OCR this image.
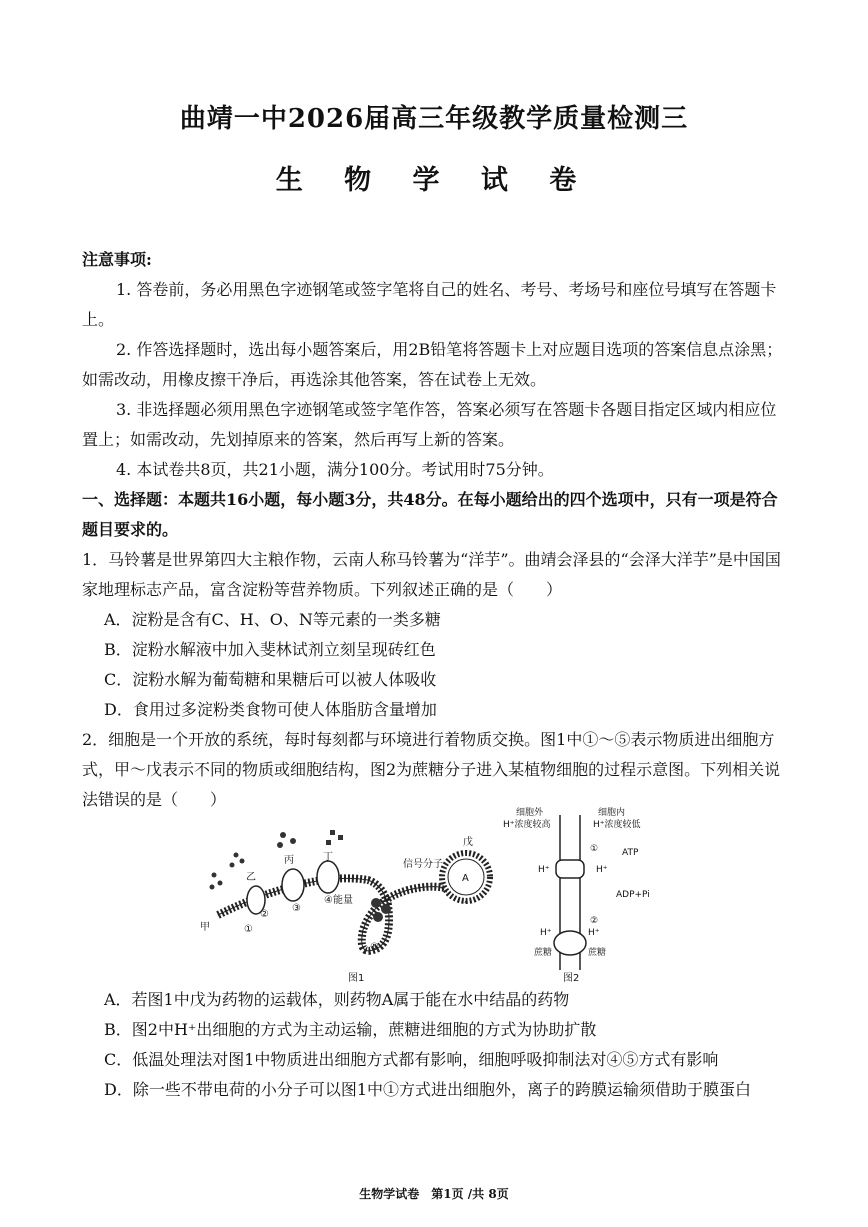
曲靖一中2026届高三年级教学质量检测三
生 物 学 试 卷

注意事项:

1. 答卷前，务必用黑色字迹钢笔或签字笔将自己的姓名、考号、考场号和座位号填写在答题卡上。

2. 作答选择题时，选出每小题答案后，用2B铅笔将答题卡上对应题目选项的答案信息点涂黑；如需改动，用橡皮擦干净后，再选涂其他答案，答在试卷上无效。

3. 非选择题必须用黑色字迹钢笔或签字笔作答，答案必须写在答题卡各题目指定区域内相应位置上；如需改动，先划掉原来的答案，然后再写上新的答案。

4. 本试卷共8页，共21小题，满分100分。考试用时75分钟。

一、选择题：本题共16小题，每小题3分，共48分。在每小题给出的四个选项中，只有一项是符合题目要求的。

1．马铃薯是世界第四大主粮作物，云南人称马铃薯为“洋芋”。曲靖会泽县的“会泽大洋芋”是中国国家地理标志产品，富含淀粉等营养物质。下列叙述正确的是（　　）

A．淀粉是含有C、H、O、N等元素的一类多糖

B．淀粉水解液中加入斐林试剂立刻呈现砖红色

C．淀粉水解为葡萄糖和果糖后可以被人体吸收

D．食用过多淀粉类食物可使人体脂肪含量增加

2．细胞是一个开放的系统，每时每刻都与环境进行着物质交换。图1中①～⑤表示物质进出细胞方式，甲～戊表示不同的物质或细胞结构，图2为蔗糖分子进入某植物细胞的过程示意图。下列相关说法错误的是（　　）

甲
乙
丙	丁
戊
①
②
③
④能量
⑤
信号分子
A
图1
细胞外
H⁺浓度较高
细胞内
H⁺浓度较低
H⁺	H⁺
ATP
ADP+Pi
①
②
H⁺	H⁺
蔗糖	蔗糖
图2

A．若图1中戊为药物的运载体，则药物A属于能在水中结晶的药物

B．图2中H⁺出细胞的方式为主动运输，蔗糖进细胞的方式为协助扩散

C．低温处理法对图1中物质进出细胞方式都有影响，细胞呼吸抑制法对④⑤方式有影响

D．除一些不带电荷的小分子可以图1中①方式进出细胞外，离子的跨膜运输须借助于膜蛋白

生物学试卷　第1页 /共 8页
